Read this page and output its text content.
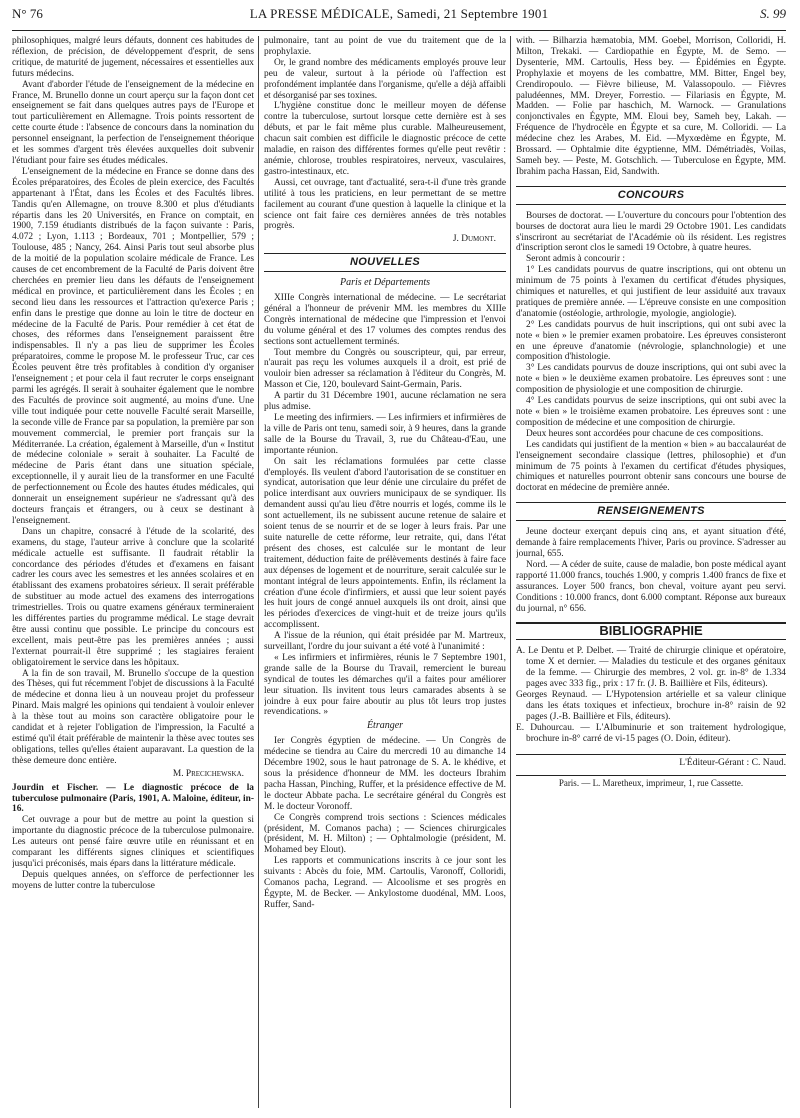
LA PRESSE MÉDICALE, Samedi, 21 Septembre 1901
N° 76	S. 99

philosophiques, malgré leurs défauts, donnent ces habitudes de réflexion, de précision, de développement d'esprit, de sens critique, de maturité de jugement, nécessaires et essentielles aux futurs médecins.

Avant d'aborder l'étude de l'enseignement de la médecine en France, M. Brunello donne un court aperçu sur la façon dont cet enseignement se fait dans quelques autres pays de l'Europe et tout particulièrement en Allemagne. Trois points ressortent de cette courte étude : l'absence de concours dans la nomination du personnel enseignant, la perfection de l'enseignement théorique et les sommes d'argent très élevées auxquelles doit subvenir l'étudiant pour faire ses études médicales.

L'enseignement de la médecine en France se donne dans des Écoles préparatoires, des Écoles de plein exercice, des Facultés appartenant à l'État, dans les Écoles et des Facultés libres. Tandis qu'en Allemagne, on trouve 8.300 et plus d'étudiants répartis dans les 20 Universités, en France on comptait, en 1900, 7.159 étudiants distribués de la façon suivante : Paris, 4.072 ; Lyon, 1.113 ; Bordeaux, 701 ; Montpellier, 579 ; Toulouse, 485 ; Nancy, 264. Ainsi Paris tout seul absorbe plus de la moitié de la population scolaire médicale de France. Les causes de cet encombrement de la Faculté de Paris doivent être cherchées en premier lieu dans les défauts de l'enseignement médical en province, et particulièrement dans les Écoles ; en second lieu dans les ressources et l'attraction qu'exerce Paris ; enfin dans le prestige que donne au loin le titre de docteur en médecine de la Faculté de Paris. Pour remédier à cet état de choses, des réformes dans l'enseignement paraissent être indispensables. Il n'y a pas lieu de supprimer les Écoles préparatoires, comme le propose M. le professeur Truc, car ces Écoles peuvent être très profitables à condition d'y organiser l'enseignement ; et pour cela il faut recruter le corps enseignant parmi les agrégés. Il serait à souhaiter également que le nombre des Facultés de province soit augmenté, au moins d'une. Une ville tout indiquée pour cette nouvelle Faculté serait Marseille, la seconde ville de France par sa population, la première par son mouvement commercial, le premier port français sur la Méditerranée. La création, également à Marseille, d'un « Institut de médecine coloniale » serait à souhaiter. La Faculté de médecine de Paris étant dans une situation spéciale, exceptionnelle, il y aurait lieu de la transformer en une Faculté de perfectionnement ou École des hautes études médicales, qui donnerait un enseignement supérieur ne s'adressant qu'à des docteurs français et étrangers, ou à ceux se destinant à l'enseignement.

Dans un chapitre, consacré à l'étude de la scolarité, des examens, du stage, l'auteur arrive à conclure que la scolarité médicale actuelle est suffisante. Il faudrait rétablir la concordance des périodes d'études et d'examens en faisant cadrer les cours avec les semestres et les années scolaires et en établissant des examens probatoires sérieux. Il serait préférable de substituer au mode actuel des examens des interrogations trimestrielles. Trois ou quatre examens généraux termineraient les différentes parties du programme médical. Le stage devrait être aussi continu que possible. Le principe du concours est excellent, mais peut-être pas les premières années ; aussi l'externat pourrait-il être supprimé ; les stagiaires feraient obligatoirement le service dans les hôpitaux.

A la fin de son travail, M. Brunello s'occupe de la question des Thèses, qui fut récemment l'objet de discussions à la Faculté de médecine et donna lieu à un nouveau projet du professeur Pinard. Mais malgré les opinions qui tendaient à vouloir enlever à la thèse tout au moins son caractère obligatoire pour le candidat et à rejeter l'obligation de l'impression, la Faculté a estimé qu'il était préférable de maintenir la thèse avec toutes ses obligations, telles qu'elles étaient auparavant. La question de la thèse demeure donc entière.

M. Precichewska.

Jourdin et Fischer. — Le diagnostic précoce de la tuberculose pulmonaire (Paris, 1901, A. Maloine, éditeur, in-16.

Cet ouvrage a pour but de mettre au point la question si importante du diagnostic précoce de la tuberculose pulmonaire. Les auteurs ont pensé faire œuvre utile en réunissant et en comparant les différents signes cliniques et scientifiques jusqu'ici préconisés, mais épars dans la littérature médicale.

Depuis quelques années, on s'efforce de perfectionner les moyens de lutter contre la tuberculose

pulmonaire, tant au point de vue du traitement que de la prophylaxie.

Or, le grand nombre des médicaments employés prouve leur peu de valeur, surtout à la période où l'affection est profondément implantée dans l'organisme, qu'elle a déjà affaibli et désorganisé par ses toxines.

L'hygiène constitue donc le meilleur moyen de défense contre la tuberculose, surtout lorsque cette dernière est à ses débuts, et par le fait même plus curable. Malheureusement, chacun sait combien est difficile le diagnostic précoce de cette maladie, en raison des différentes formes qu'elle peut revêtir : anémie, chlorose, troubles respiratoires, nerveux, vasculaires, gastro-intestinaux, etc.

Aussi, cet ouvrage, tant d'actualité, sera-t-il d'une très grande utilité à tous les praticiens, en leur permettant de se mettre facilement au courant d'une question à laquelle la clinique et la science ont fait faire ces dernières années de très notables progrès.

J. Dumont.

NOUVELLES
Paris et Départements

XIIIe Congrès international de médecine. — Le secrétariat général a l'honneur de prévenir MM. les membres du XIIIe Congrès international de médecine que l'impression et l'envoi du volume général et des 17 volumes des comptes rendus des sections sont actuellement terminés.

Tout membre du Congrès ou souscripteur, qui, par erreur, n'aurait pas reçu les volumes auxquels il a droit, est prié de vouloir bien adresser sa réclamation à l'éditeur du Congrès, M. Masson et Cie, 120, boulevard Saint-Germain, Paris.

A partir du 31 Décembre 1901, aucune réclamation ne sera plus admise.

Le meeting des infirmiers. — Les infirmiers et infirmières de la ville de Paris ont tenu, samedi soir, à 9 heures, dans la grande salle de la Bourse du Travail, 3, rue du Château-d'Eau, une importante réunion.

On sait les réclamations formulées par cette classe d'employés. Ils veulent d'abord l'autorisation de se constituer en syndicat, autorisation que leur dénie une circulaire du préfet de police interdisant aux ouvriers municipaux de se syndiquer. Ils demandent aussi qu'au lieu d'être nourris et logés, comme ils le sont actuellement, ils ne subissent aucune retenue de salaire et soient tenus de se nourrir et de se loger à leurs frais. Par une suite naturelle de cette réforme, leur retraite, qui, dans l'état présent des choses, est calculée sur le montant de leur traitement, déduction faite de prélèvements destinés à faire face aux dépenses de logement et de nourriture, serait calculée sur le montant intégral de leurs appointements. Enfin, ils réclament la création d'une école d'infirmiers, et aussi que leur soient payés les huit jours de congé annuel auxquels ils ont droit, ainsi que les périodes d'exercices de vingt-huit et de treize jours qu'ils accomplissent.

A l'issue de la réunion, qui était présidée par M. Martreux, surveillant, l'ordre du jour suivant a été voté à l'unanimité :

« Les infirmiers et infirmières, réunis le 7 Septembre 1901, grande salle de la Bourse du Travail, remercient le bureau syndical de toutes les démarches qu'il a faites pour améliorer leur situation. Ils invitent tous leurs camarades absents à se joindre à eux pour faire aboutir au plus tôt leurs trop justes revendications. »

Étranger

Ier Congrès égyptien de médecine. — Un Congrès de médecine se tiendra au Caire du mercredi 10 au dimanche 14 Décembre 1902, sous le haut patronage de S. A. le khédive, et sous la présidence d'honneur de MM. les docteurs Ibrahim pacha Hassan, Pinching, Ruffer, et la présidence effective de M. le docteur Abbate pacha. Le secrétaire général du Congrès est M. le docteur Voronoff.

Ce Congrès comprend trois sections : Sciences médicales (président, M. Comanos pacha) ; — Sciences chirurgicales (président, M. H. Milton) ; — Ophtalmologie (président, M. Mohamed bey Elout).

Les rapports et communications inscrits à ce jour sont les suivants : Abcès du foie, MM. Cartoulis, Varonoff, Colloridi, Comanos pacha, Legrand. — Alcoolisme et ses progrès en Égypte, M. de Becker. — Ankylostome duodénal, MM. Loos, Ruffer, Sand-

with. — Bilharzia hæmatobia, MM. Goebel, Morrison, Colloridi, H. Milton, Trekaki. — Cardiopathie en Égypte, M. de Semo. — Dysenterie, MM. Cartoulis, Hess bey. — Épidémies en Égypte. Prophylaxie et moyens de les combattre, MM. Bitter, Engel bey, Crendiropoulo. — Fièvre bilieuse, M. Valassopoulo. — Fièvres paludéennes, MM. Dreyer, Forrestio. — Filariasis en Égypte, M. Madden. — Folie par haschich, M. Warnock. — Granulations conjonctivales en Égypte, MM. Eloui bey, Sameh bey, Lakah. — Fréquence de l'hydrocèle en Égypte et sa cure, M. Colloridi. — La médecine chez les Arabes, M. Eid. —Myxœdème en Égypte, M. Brossard. — Ophtalmie dite égyptienne, MM. Démétriadès, Voilas, Sameh bey. — Peste, M. Gotschlich. — Tuberculose en Égypte, MM. Ibrahim pacha Hassan, Eid, Sandwith.

CONCOURS

Bourses de doctorat. — L'ouverture du concours pour l'obtention des bourses de doctorat aura lieu le mardi 29 Octobre 1901. Les candidats s'inscriront au secrétariat de l'Académie où ils résident. Les registres d'inscription seront clos le samedi 19 Octobre, à quatre heures.

Seront admis à concourir :

1° Les candidats pourvus de quatre inscriptions, qui ont obtenu un minimum de 75 points à l'examen du certificat d'études physiques, chimiques et naturelles, et qui justifient de leur assiduité aux travaux pratiques de première année. — L'épreuve consiste en une composition d'anatomie (ostéologie, arthrologie, myologie, angiologie).

2° Les candidats pourvus de huit inscriptions, qui ont subi avec la note « bien » le premier examen probatoire. Les épreuves consisteront en une épreuve d'anatomie (névrologie, splanchnologie) et une composition d'histologie.

3° Les candidats pourvus de douze inscriptions, qui ont subi avec la note « bien » le deuxième examen probatoire. Les épreuves sont : une composition de physiologie et une composition de chirurgie.

4° Les candidats pourvus de seize inscriptions, qui ont subi avec la note « bien » le troisième examen probatoire. Les épreuves sont : une composition de médecine et une composition de chirurgie.

Deux heures sont accordées pour chacune de ces compositions.

Les candidats qui justifient de la mention « bien » au baccalauréat de l'enseignement secondaire classique (lettres, philosophie) et d'un minimum de 75 points à l'examen du certificat d'études physiques, chimiques et naturelles pourront obtenir sans concours une bourse de doctorat en médecine de première année.

RENSEIGNEMENTS

Jeune docteur exerçant depuis cinq ans, et ayant situation d'été, demande à faire remplacements l'hiver, Paris ou province. S'adresser au journal, 655.

Nord. — A céder de suite, cause de maladie, bon poste médical ayant rapporté 11.000 francs, touchés 1.900, y compris 1.400 francs de fixe et assurances. Loyer 500 francs, bon cheval, voiture ayant peu servi. Conditions : 10.000 francs, dont 6.000 comptant. Réponse aux bureaux du journal, n° 656.

BIBLIOGRAPHIE

A. Le Dentu et P. Delbet. — Traité de chirurgie clinique et opératoire, tome X et dernier. — Maladies du testicule et des organes génitaux de la femme. — Chirurgie des membres, 2 vol. gr. in-8° de 1.334 pages avec 333 fig., prix : 17 fr. (J. B. Baillière et Fils, éditeurs).

Georges Reynaud. — L'Hypotension artérielle et sa valeur clinique dans les états toxiques et infectieux, brochure in-8° raisin de 92 pages (J.-B. Baillière et Fils, éditeurs).

E. Duhourcau. — L'Albuminurie et son traitement hydrologique, brochure in-8° carré de vi-15 pages (O. Doin, éditeur).

L'Éditeur-Gérant : C. Naud.

Paris. — L. Maretheux, imprimeur, 1, rue Cassette.
